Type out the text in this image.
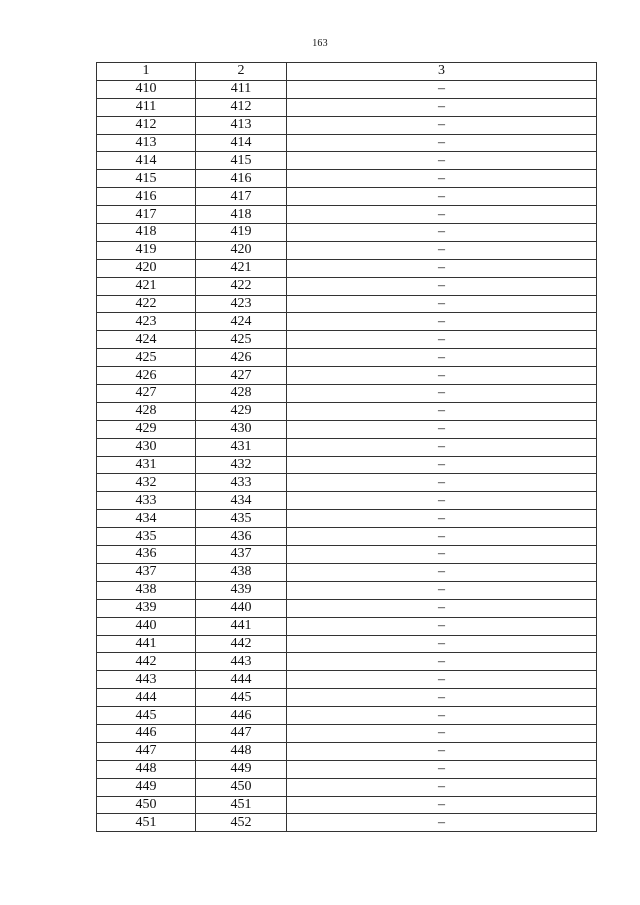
163
1	2	3
410	411	–
411	412	–
412	413	–
413	414	–
414	415	–
415	416	–
416	417	–
417	418	–
418	419	–
419	420	–
420	421	–
421	422	–
422	423	–
423	424	–
424	425	–
425	426	–
426	427	–
427	428	–
428	429	–
429	430	–
430	431	–
431	432	–
432	433	–
433	434	–
434	435	–
435	436	–
436	437	–
437	438	–
438	439	–
439	440	–
440	441	–
441	442	–
442	443	–
443	444	–
444	445	–
445	446	–
446	447	–
447	448	–
448	449	–
449	450	–
450	451	–
451	452	–
